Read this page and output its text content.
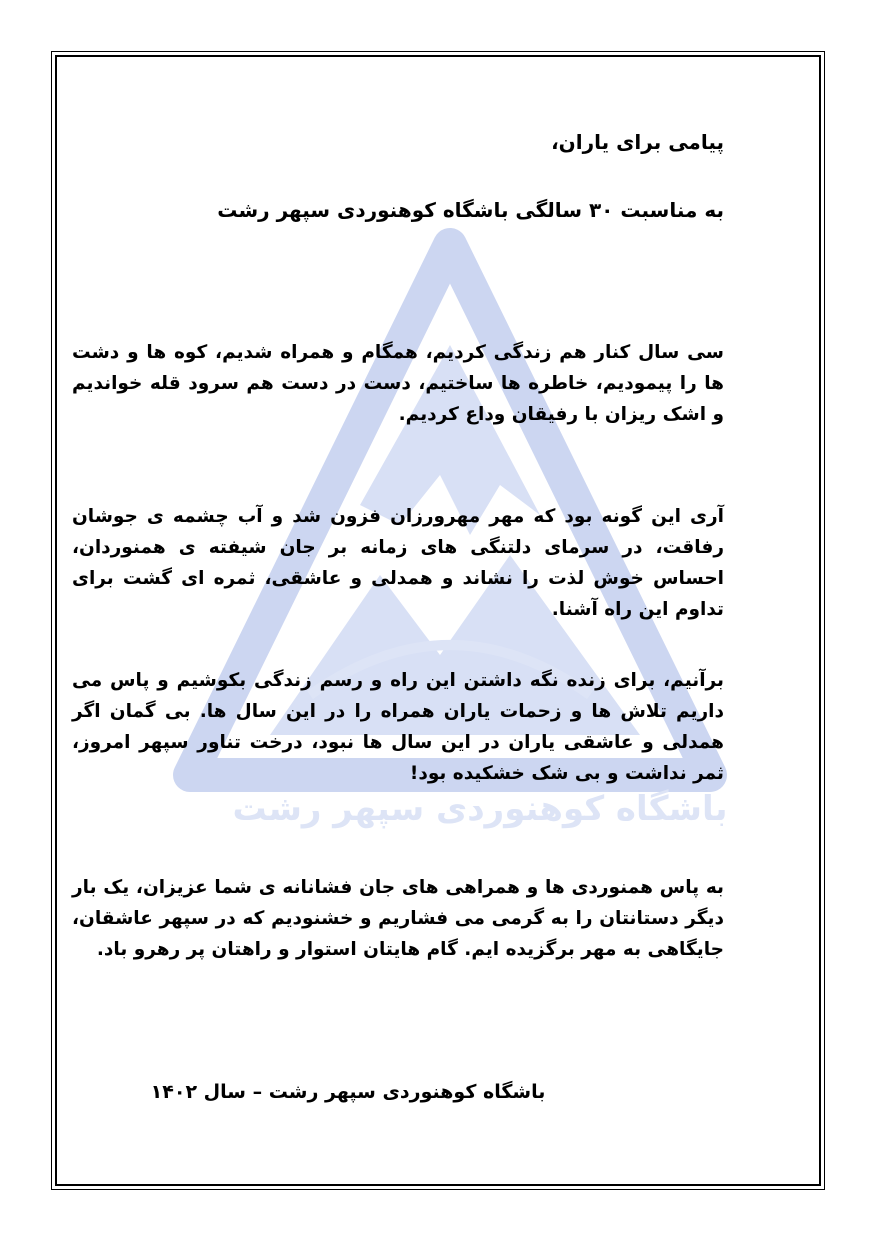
باشگاه کوهنوردی سپهر رشت
پیامی برای یاران،
به مناسبت ۳۰ سالگی باشگاه کوهنوردی سپهر رشت

سی سال کنار هم زندگی کردیم، همگام و همراه شدیم، کوه ها و دشت ها را پیمودیم، خاطره ها ساختیم، دست در دست هم سرود قله خواندیم و اشک ریزان با رفیقان وداع کردیم.

آری این گونه بود که مهر مهرورزان فزون شد و آب چشمه ی جوشان رفاقت، در سرمای دلتنگی های زمانه بر جان شیفته ی همنوردان، احساس خوش لذت را نشاند و همدلی و عاشقی، ثمره ای گشت برای تداوم این راه آشنا.

برآنیم، برای زنده نگه داشتن این راه و رسم زندگی بکوشیم و پاس می داریم تلاش ها و زحمات یاران همراه را در این سال ها. بی گمان اگر همدلی و عاشقی یاران در این سال ها نبود، درخت تناور سپهر امروز، ثمر نداشت و بی شک خشکیده بود!

به پاس همنوردی ها و همراهی های جان فشانانه ی شما عزیزان، یک بار دیگر دستانتان را به گرمی می فشاریم و خشنودیم که در سپهر عاشقان، جایگاهی به مهر برگزیده ایم. گام هایتان استوار و راهتان پر رهرو باد.

باشگاه کوهنوردی سپهر رشت – سال ۱۴۰۲
